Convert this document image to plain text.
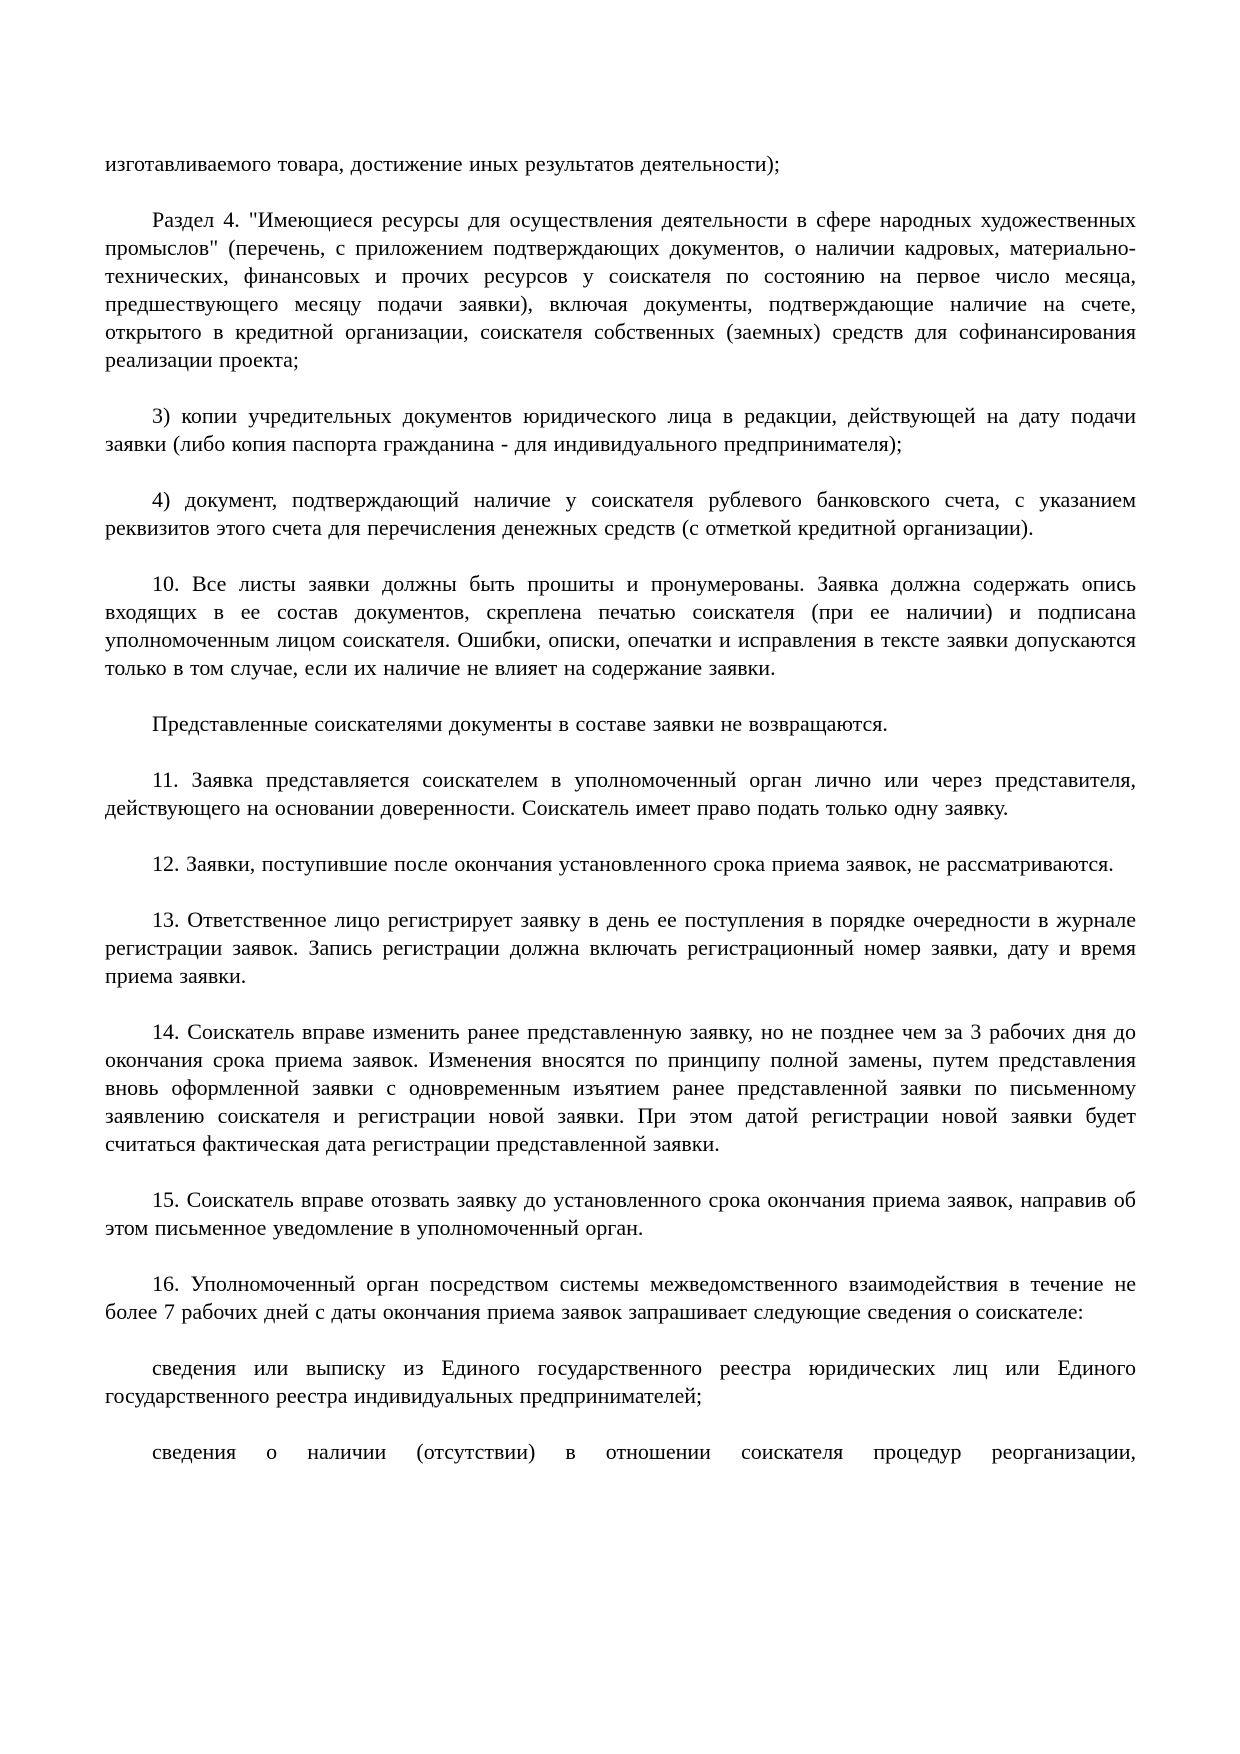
изготавливаемого товара, достижение иных результатов деятельности);

Раздел 4. "Имеющиеся ресурсы для осуществления деятельности в сфере народных художественных промыслов" (перечень, с приложением подтверждающих документов, о наличии кадровых, материально-технических, финансовых и прочих ресурсов у соискателя по состоянию на первое число месяца, предшествующего месяцу подачи заявки), включая документы, подтверждающие наличие на счете, открытого в кредитной организации, соискателя собственных (заемных) средств для софинансирования реализации проекта;

3) копии учредительных документов юридического лица в редакции, действующей на дату подачи заявки (либо копия паспорта гражданина - для индивидуального предпринимателя);

4) документ, подтверждающий наличие у соискателя рублевого банковского счета, с указанием реквизитов этого счета для перечисления денежных средств (с отметкой кредитной организации).

10. Все листы заявки должны быть прошиты и пронумерованы. Заявка должна содержать опись входящих в ее состав документов, скреплена печатью соискателя (при ее наличии) и подписана уполномоченным лицом соискателя. Ошибки, описки, опечатки и исправления в тексте заявки допускаются только в том случае, если их наличие не влияет на содержание заявки.

Представленные соискателями документы в составе заявки не возвращаются.

11. Заявка представляется соискателем в уполномоченный орган лично или через представителя, действующего на основании доверенности. Соискатель имеет право подать только одну заявку.

12. Заявки, поступившие после окончания установленного срока приема заявок, не рассматриваются.

13. Ответственное лицо регистрирует заявку в день ее поступления в порядке очередности в журнале регистрации заявок. Запись регистрации должна включать регистрационный номер заявки, дату и время приема заявки.

14. Соискатель вправе изменить ранее представленную заявку, но не позднее чем за 3 рабочих дня до окончания срока приема заявок. Изменения вносятся по принципу полной замены, путем представления вновь оформленной заявки с одновременным изъятием ранее представленной заявки по письменному заявлению соискателя и регистрации новой заявки. При этом датой регистрации новой заявки будет считаться фактическая дата регистрации представленной заявки.

15. Соискатель вправе отозвать заявку до установленного срока окончания приема заявок, направив об этом письменное уведомление в уполномоченный орган.

16. Уполномоченный орган посредством системы межведомственного взаимодействия в течение не более 7 рабочих дней с даты окончания приема заявок запрашивает следующие сведения о соискателе:

сведения или выписку из Единого государственного реестра юридических лиц или Единого государственного реестра индивидуальных предпринимателей;

сведения о наличии (отсутствии) в отношении соискателя процедур реорганизации,
